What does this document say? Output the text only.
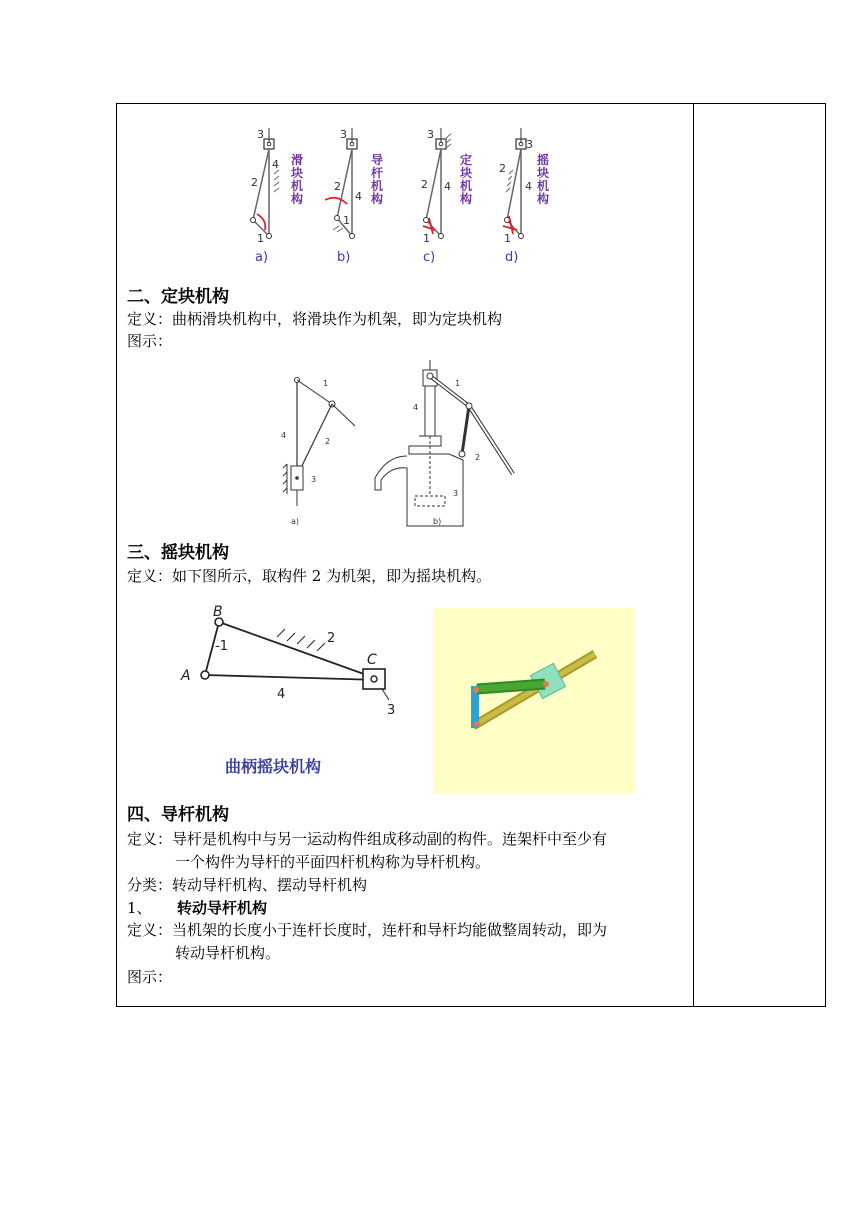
3
2
4
1
3
2
4
1
3
2 4
1
3
2
4
1
滑块机构
导杆机构
定块机构
摇块机构
a)	b)	c)	d)
二、定块机构
定义：曲柄滑块机构中，将滑块作为机架，即为定块机构
图示：
1
2
4
3
a)
1
4
2
3
b)
三、摇块机构
定义：如下图所示，取构件 2 为机架，即为摇块机构。
B
A
C
-1
2
4
3
曲柄摇块机构
四、导杆机构
定义：导杆是机构中与另一运动构件组成移动副的构件。连架杆中至少有
一个构件为导杆的平面四杆机构称为导杆机构。
分类：转动导杆机构、摆动导杆机构
1、 转动导杆机构
定义：当机架的长度小于连杆长度时，连杆和导杆均能做整周转动，即为
转动导杆机构。
图示：
